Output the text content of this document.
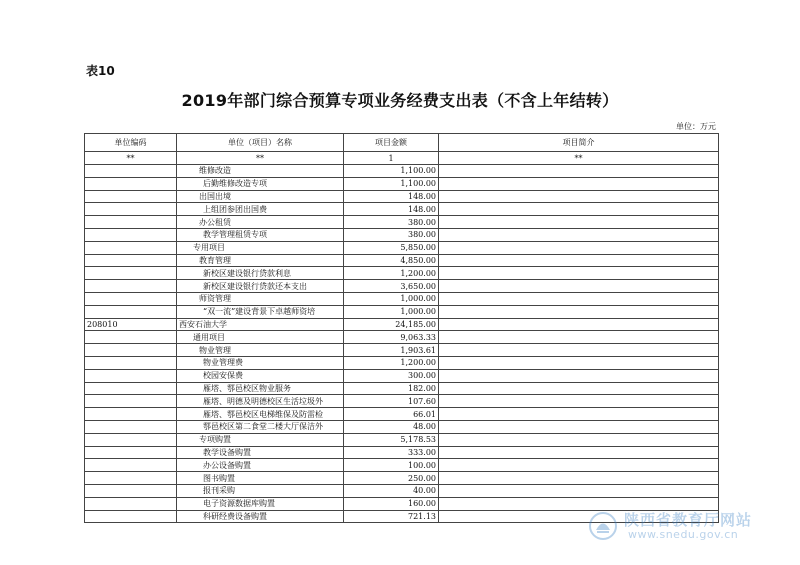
表10
2019年部门综合预算专项业务经费支出表（不含上年结转）
单位：万元
单位编码	单位（项目）名称	项目金额	项目简介
**	**	1	**
	维修改造	1,100.00	
	后勤维修改造专项	1,100.00	
	出国出境	148.00	
	上组团参团出国费	148.00	
	办公租赁	380.00	
	教学管理租赁专项	380.00	
	专用项目	5,850.00	
	教育管理	4,850.00	
	新校区建设银行贷款利息	1,200.00	
	新校区建设银行贷款还本支出	3,650.00	
	师资管理	1,000.00	
	“双一流”建设背景下卓越师资培	1,000.00	
208010	西安石油大学	24,185.00	
	通用项目	9,063.33	
	物业管理	1,903.61	
	物业管理费	1,200.00	
	校园安保费	300.00	
	雁塔、鄠邑校区物业服务	182.00	
	雁塔、明德及明德校区生活垃圾外	107.60	
	雁塔、鄠邑校区电梯维保及防雷检	66.01	
	鄠邑校区第二食堂二楼大厅保洁外	48.00	
	专项购置	5,178.53	
	教学设备购置	333.00	
	办公设备购置	100.00	
	图书购置	250.00	
	报刊采购	40.00	
	电子资源数据库购置	160.00	
	科研经费设备购置	721.13		陕西省教育厅网站
www.snedu.gov.cn
